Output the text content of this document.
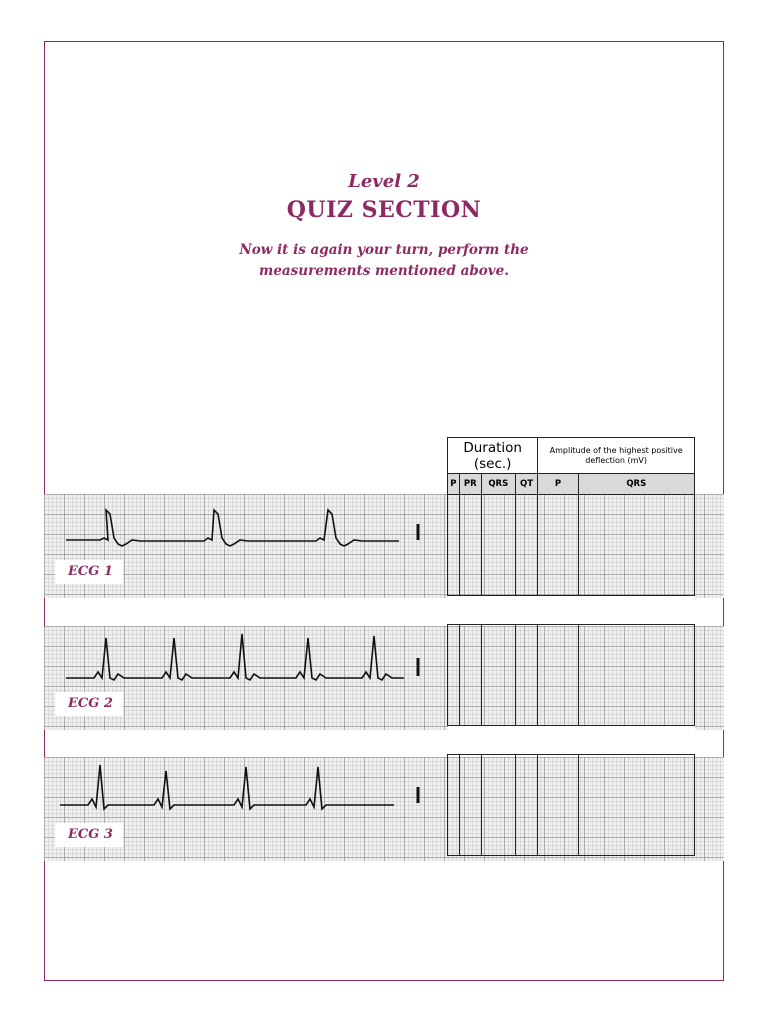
Level 2
QUIZ SECTION
Now it is again your turn, perform the
measurements mentioned above.
ECG 1
ECG 2
ECG 3
Duration (sec.)				Amplitude of the highest positive deflection (mV)	
P	PR	QRS	QT	P	QRS
